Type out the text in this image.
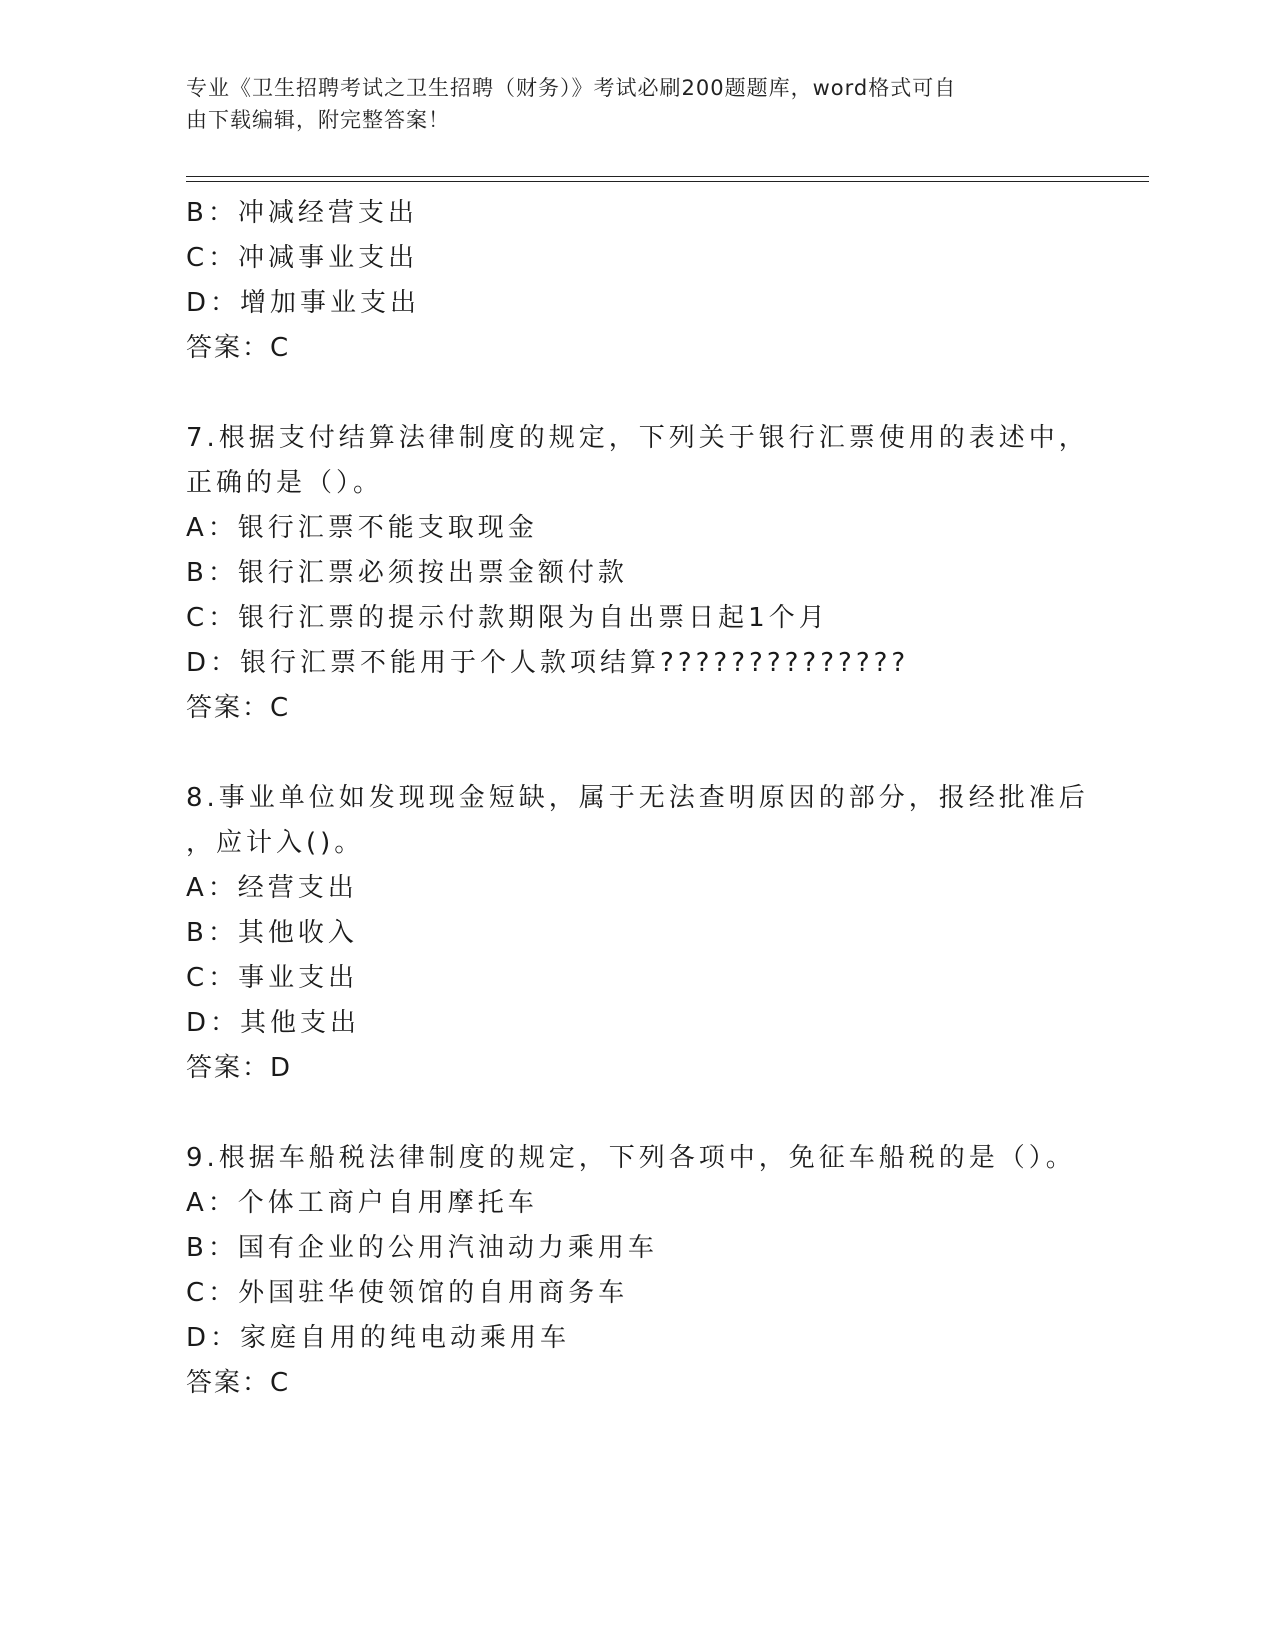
专业《卫生招聘考试之卫生招聘（财务）》考试必刷200题题库，word格式可自
由下载编辑，附完整答案！
B：冲减经营支出
C：冲减事业支出
D：增加事业支出
答案：C
7.根据支付结算法律制度的规定，下列关于银行汇票使用的表述中，
正确的是（）。
A：银行汇票不能支取现金
B：银行汇票必须按出票金额付款
C：银行汇票的提示付款期限为自出票日起1个月
D：银行汇票不能用于个人款项结算??????????????
答案：C
8.事业单位如发现现金短缺，属于无法查明原因的部分，报经批准后
，应计入()。
A：经营支出
B：其他收入
C：事业支出
D：其他支出
答案：D
9.根据车船税法律制度的规定，下列各项中，免征车船税的是（）。
A：个体工商户自用摩托车
B：国有企业的公用汽油动力乘用车
C：外国驻华使领馆的自用商务车
D：家庭自用的纯电动乘用车
答案：C
